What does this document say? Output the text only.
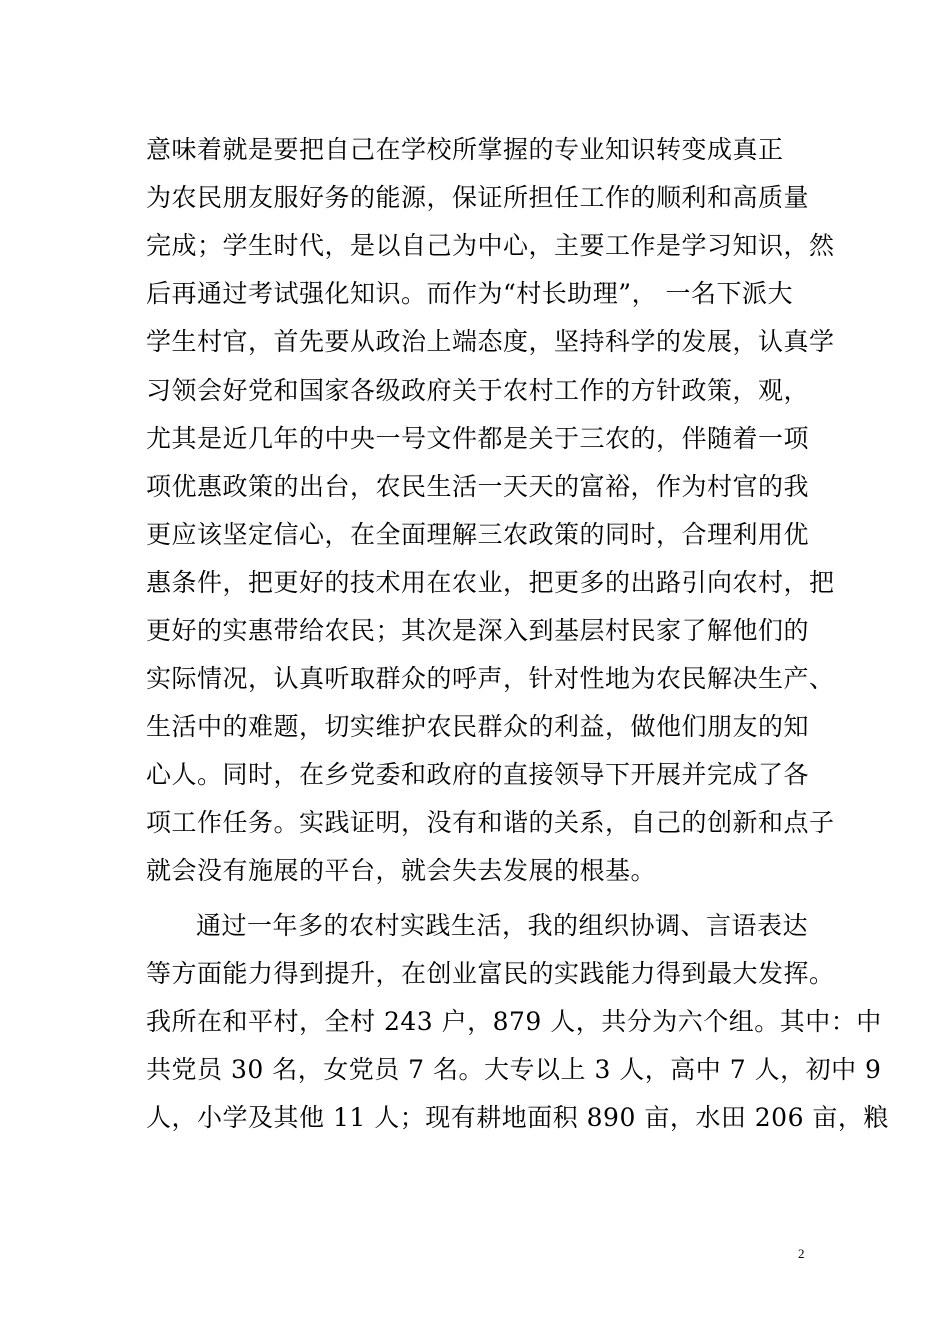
意味着就是要把自己在学校所掌握的专业知识转变成真正
为农民朋友服好务的能源，保证所担任工作的顺利和高质量
完成；学生时代，是以自己为中心，主要工作是学习知识，然
后再通过考试强化知识。而作为“村长助理”， 一名下派大
学生村官，首先要从政治上端态度，坚持科学的发展，认真学
习领会好党和国家各级政府关于农村工作的方针政策，观，
尤其是近几年的中央一号文件都是关于三农的，伴随着一项
项优惠政策的出台，农民生活一天天的富裕，作为村官的我
更应该坚定信心，在全面理解三农政策的同时，合理利用优
惠条件，把更好的技术用在农业，把更多的出路引向农村，把
更好的实惠带给农民；其次是深入到基层村民家了解他们的
实际情况，认真听取群众的呼声，针对性地为农民解决生产、
生活中的难题，切实维护农民群众的利益，做他们朋友的知
心人。同时，在乡党委和政府的直接领导下开展并完成了各
项工作任务。实践证明，没有和谐的关系，自己的创新和点子
就会没有施展的平台，就会失去发展的根基。
通过一年多的农村实践生活，我的组织协调、言语表达
等方面能力得到提升，在创业富民的实践能力得到最大发挥。
我所在和平村，全村 243 户，879 人，共分为六个组。其中：中
共党员 30 名，女党员 7 名。大专以上 3 人，高中 7 人，初中 9
人，小学及其他 11 人；现有耕地面积 890 亩，水田 206 亩，粮
2
